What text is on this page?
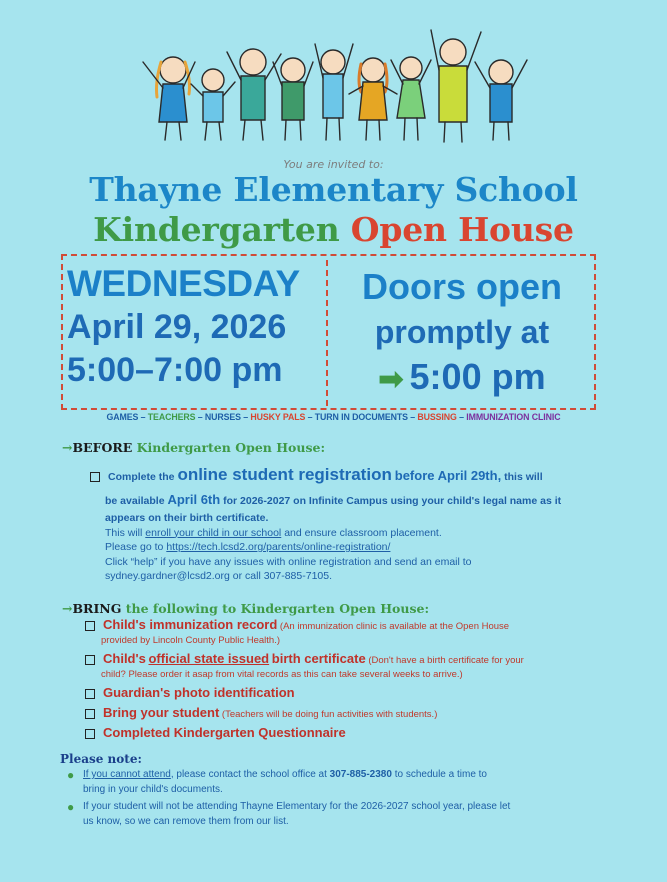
You are invited to:
Thayne Elementary School
Kindergarten Open House
WEDNESDAY
April 29, 2026
5:00–7:00 pm
Doors open
promptly at
➡ 5:00 pm
GAMES – TEACHERS – NURSES – HUSKY PALS – TURN IN DOCUMENTS – BUSSING – IMMUNIZATION CLINIC
→BEFORE Kindergarten Open House:
Complete the online student registration before April 29th, this will
be available April 6th for 2026-2027 on Infinite Campus using your child's legal name as it
appears on their birth certificate.
This will enroll your child in our school and ensure classroom placement.
Please go to https://tech.lcsd2.org/parents/online-registration/
Click “help” if you have any issues with online registration and send an email to
sydney.gardner@lcsd2.org or call 307-885-7105.
→BRING the following to Kindergarten Open House:
Child's immunization record (An immunization clinic is available at the Open House
provided by Lincoln County Public Health.)
Child's official state issued birth certificate (Don't have a birth certificate for your
child? Please order it asap from vital records as this can take several weeks to arrive.)
Guardian's photo identification
Bring your student (Teachers will be doing fun activities with students.)
Completed Kindergarten Questionnaire
Please note:
● If you cannot attend, please contact the school office at 307-885-2380 to schedule a time to
bring in your child's documents.
● If your student will not be attending Thayne Elementary for the 2026-2027 school year, please let
us know, so we can remove them from our list.
